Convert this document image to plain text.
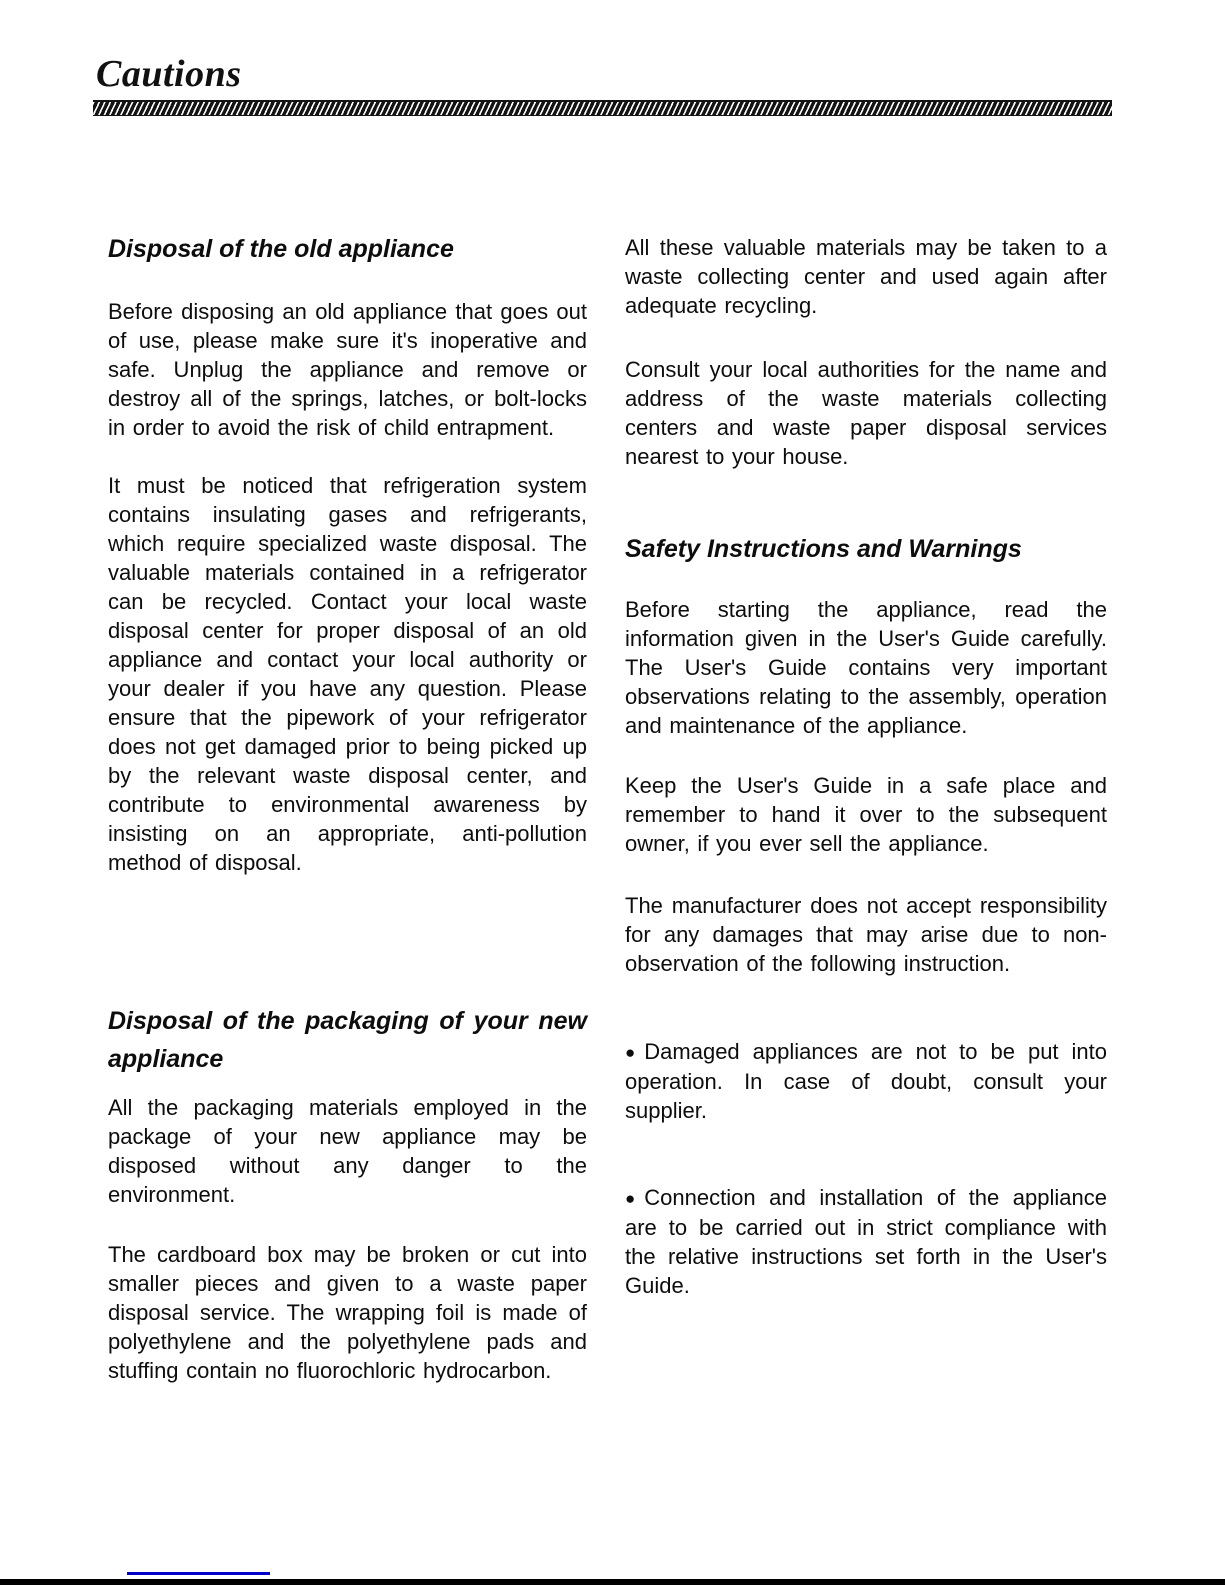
Cautions
Disposal of the old appliance

Before disposing an old appliance that goes out of use, please make sure it's inoperative and safe. Unplug the appliance and remove or destroy all of the springs, latches, or bolt-locks in order to avoid the risk of child entrapment.

It must be noticed that refrigeration system contains insulating gases and refrigerants, which require specialized waste disposal. The valuable materials contained in a refrigerator can be recycled. Contact your local waste disposal center for proper disposal of an old appliance and contact your local authority or your dealer if you have any question. Please ensure that the pipework of your refrigerator does not get damaged prior to being picked up by the relevant waste disposal center, and contribute to environmental awareness by insisting on an appropriate, anti-pollution method of disposal.

Disposal of the packaging of your new appliance

All the packaging materials employed in the package of your new appliance may be disposed without any danger to the environment.

The cardboard box may be broken or cut into smaller pieces and given to a waste paper disposal service. The wrapping foil is made of polyethylene and the polyethylene pads and stuffing contain no fluorochloric hydrocarbon.

All these valuable materials may be taken to a waste collecting center and used again after adequate recycling.

Consult your local authorities for the name and address of the waste materials collecting centers and waste paper disposal services nearest to your house.

Safety Instructions and Warnings

Before starting the appliance, read the information given in the User's Guide carefully. The User's Guide contains very important observations relating to the assembly, operation and maintenance of the appliance.

Keep the User's Guide in a safe place and remember to hand it over to the subsequent owner, if you ever sell the appliance.

The manufacturer does not accept responsibility for any damages that may arise due to non-observation of the following instruction.

● Damaged appliances are not to be put into operation. In case of doubt, consult your supplier.

● Connection and installation of the appliance are to be carried out in strict compliance with the relative instructions set forth in the User's Guide.
